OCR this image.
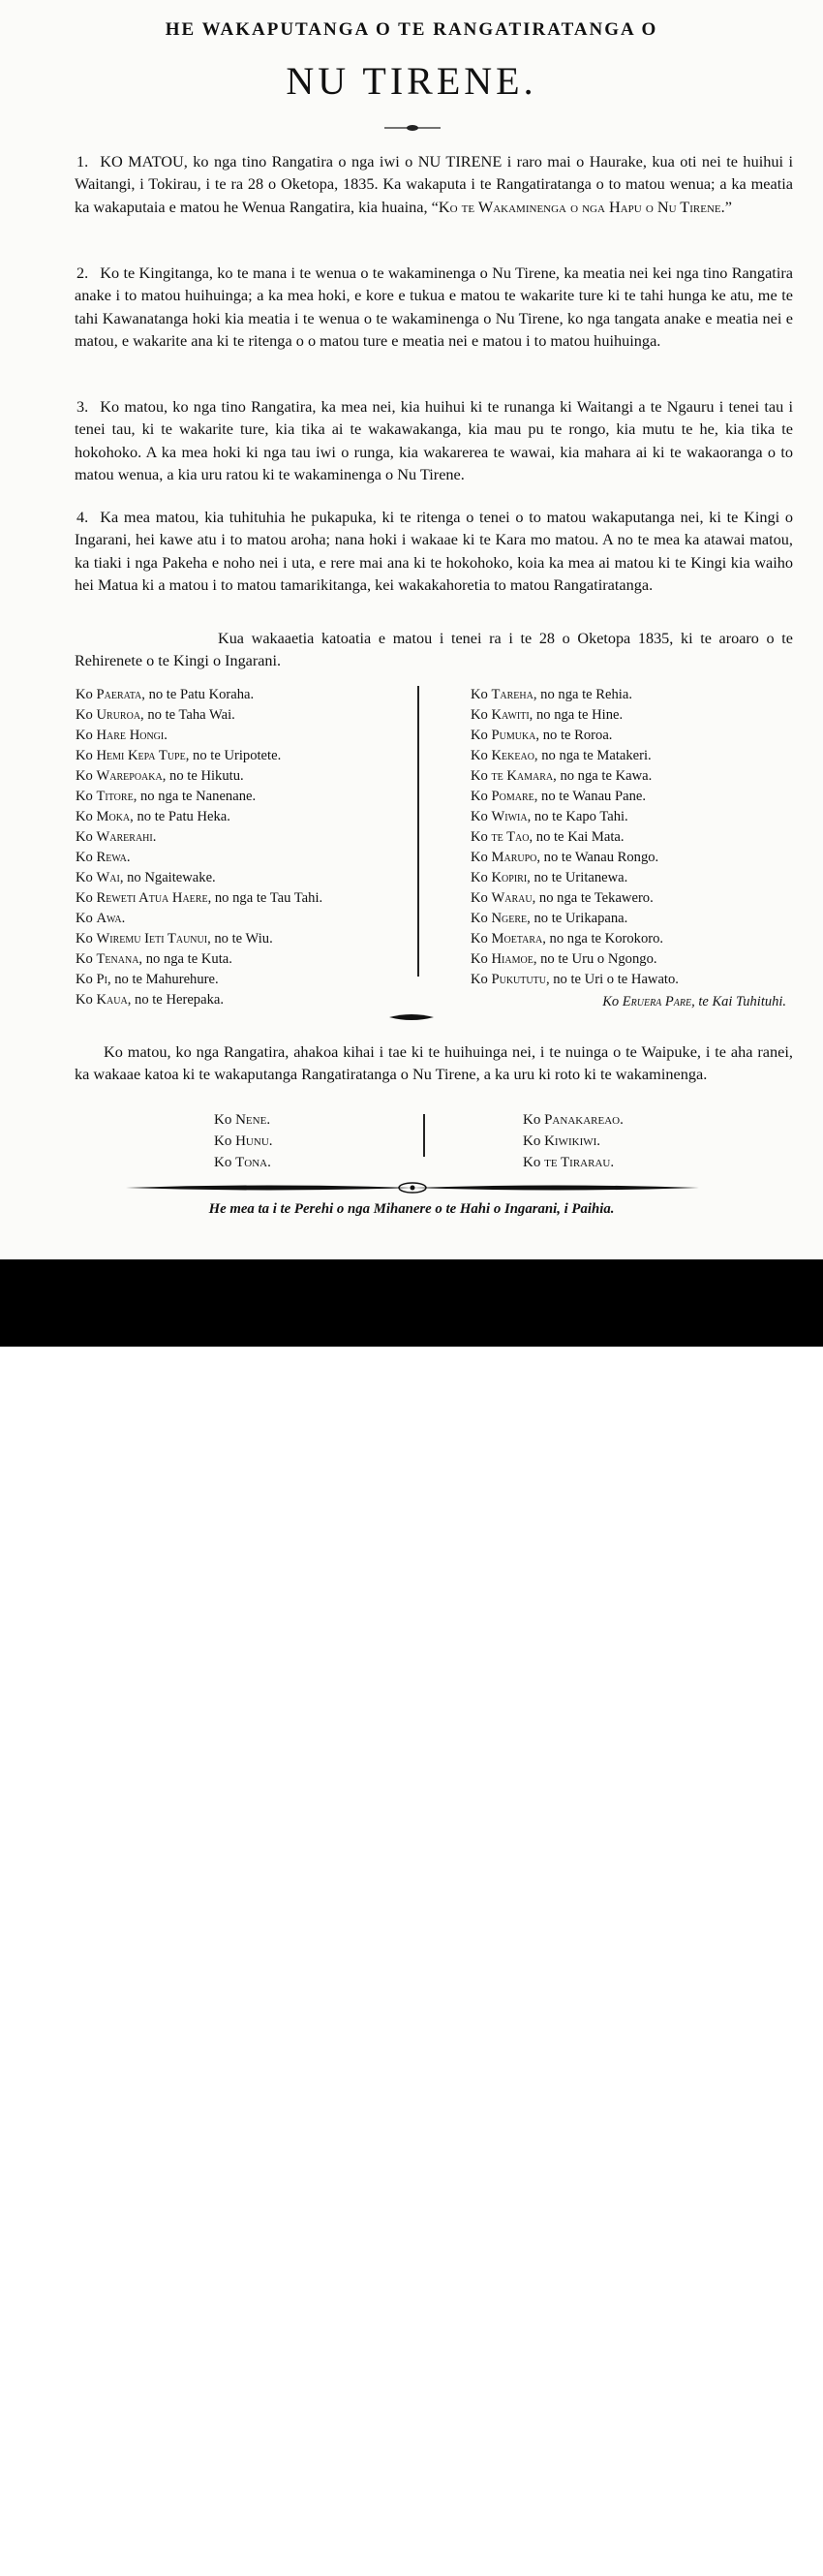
HE WAKAPUTANGA O TE RANGATIRATANGA O
NU TIRENE.

1. KO MATOU, ko nga tino Rangatira o nga iwi o NU TIRENE i raro mai o Haurake, kua oti nei te huihui i Waitangi, i Tokirau, i te ra 28 o Oketopa, 1835. Ka wakaputa i te Rangatiratanga o to matou wenua; a ka meatia ka wakaputaia e matou he Wenua Rangatira, kia huaina, “Ko te Wakaminenga o nga Hapu o Nu Tirene.”

2. Ko te Kingitanga, ko te mana i te wenua o te wakaminenga o Nu Tirene, ka meatia nei kei nga tino Rangatira anake i to matou huihuinga; a ka mea hoki, e kore e tukua e matou te wakarite ture ki te tahi hunga ke atu, me te tahi Kawanatanga hoki kia meatia i te wenua o te wakaminenga o Nu Tirene, ko nga tangata anake e meatia nei e matou, e wakarite ana ki te ritenga o o matou ture e meatia nei e matou i to matou huihuinga.

3. Ko matou, ko nga tino Rangatira, ka mea nei, kia huihui ki te runanga ki Waitangi a te Ngauru i tenei tau i tenei tau, ki te wakarite ture, kia tika ai te wakawakanga, kia mau pu te rongo, kia mutu te he, kia tika te hokohoko. A ka mea hoki ki nga tau iwi o runga, kia wakarerea te wawai, kia mahara ai ki te wakaoranga o to matou wenua, a kia uru ratou ki te wakaminenga o Nu Tirene.

4. Ka mea matou, kia tuhituhia he pukapuka, ki te ritenga o tenei o to matou wakaputanga nei, ki te Kingi o Ingarani, hei kawe atu i to matou aroha; nana hoki i wakaae ki te Kara mo matou. A no te mea ka atawai matou, ka tiaki i nga Pakeha e noho nei i uta, e rere mai ana ki te hokohoko, koia ka mea ai matou ki te Kingi kia waiho hei Matua ki a matou i to matou tamarikitanga, kei wakakahoretia to matou Rangatiratanga.

Kua wakaaetia katoatia e matou i tenei ra i te 28 o Oketopa 1835, ki te aroaro o te Rehirenete o te Kingi o Ingarani.

Ko Paerata, no te Patu Koraha.
Ko Ururoa, no te Taha Wai.
Ko Hare Hongi.
Ko Hemi Kepa Tupe, no te Uripotete.
Ko Warepoaka, no te Hikutu.
Ko Titore, no nga te Nanenane.
Ko Moka, no te Patu Heka.
Ko Warerahi.
Ko Rewa.
Ko Wai, no Ngaitewake.
Ko Reweti Atua Haere, no nga te Tau Tahi.
Ko Awa.
Ko Wiremu Ieti Taunui, no te Wiu.
Ko Tenana, no nga te Kuta.
Ko Pi, no te Mahurehure.
Ko Kaua, no te Herepaka.
Ko Tareha, no nga te Rehia.
Ko Kawiti, no nga te Hine.
Ko Pumuka, no te Roroa.
Ko Kekeao, no nga te Matakeri.
Ko te Kamara, no nga te Kawa.
Ko Pomare, no te Wanau Pane.
Ko Wiwia, no te Kapo Tahi.
Ko te Tao, no te Kai Mata.
Ko Marupo, no te Wanau Rongo.
Ko Kopiri, no te Uritanewa.
Ko Warau, no nga te Tekawero.
Ko Ngere, no te Urikapana.
Ko Moetara, no nga te Korokoro.
Ko Hiamoe, no te Uru o Ngongo.
Ko Pukututu, no te Uri o te Hawato.
Ko Eruera Pare, te Kai Tuhituhi.

Ko matou, ko nga Rangatira, ahakoa kihai i tae ki te huihuinga nei, i te nuinga o te Waipuke, i te aha ranei, ka wakaae katoa ki te wakaputanga Rangatiratanga o Nu Tirene, a ka uru ki roto ki te wakaminenga.

Ko Nene.
Ko Hunu.
Ko Tona.
Ko Panakareao.
Ko Kiwikiwi.
Ko te Tirarau.
He mea ta i te Perehi o nga Mihanere o te Hahi o Ingarani, i Paihia.
alamy	2BEFCY9
